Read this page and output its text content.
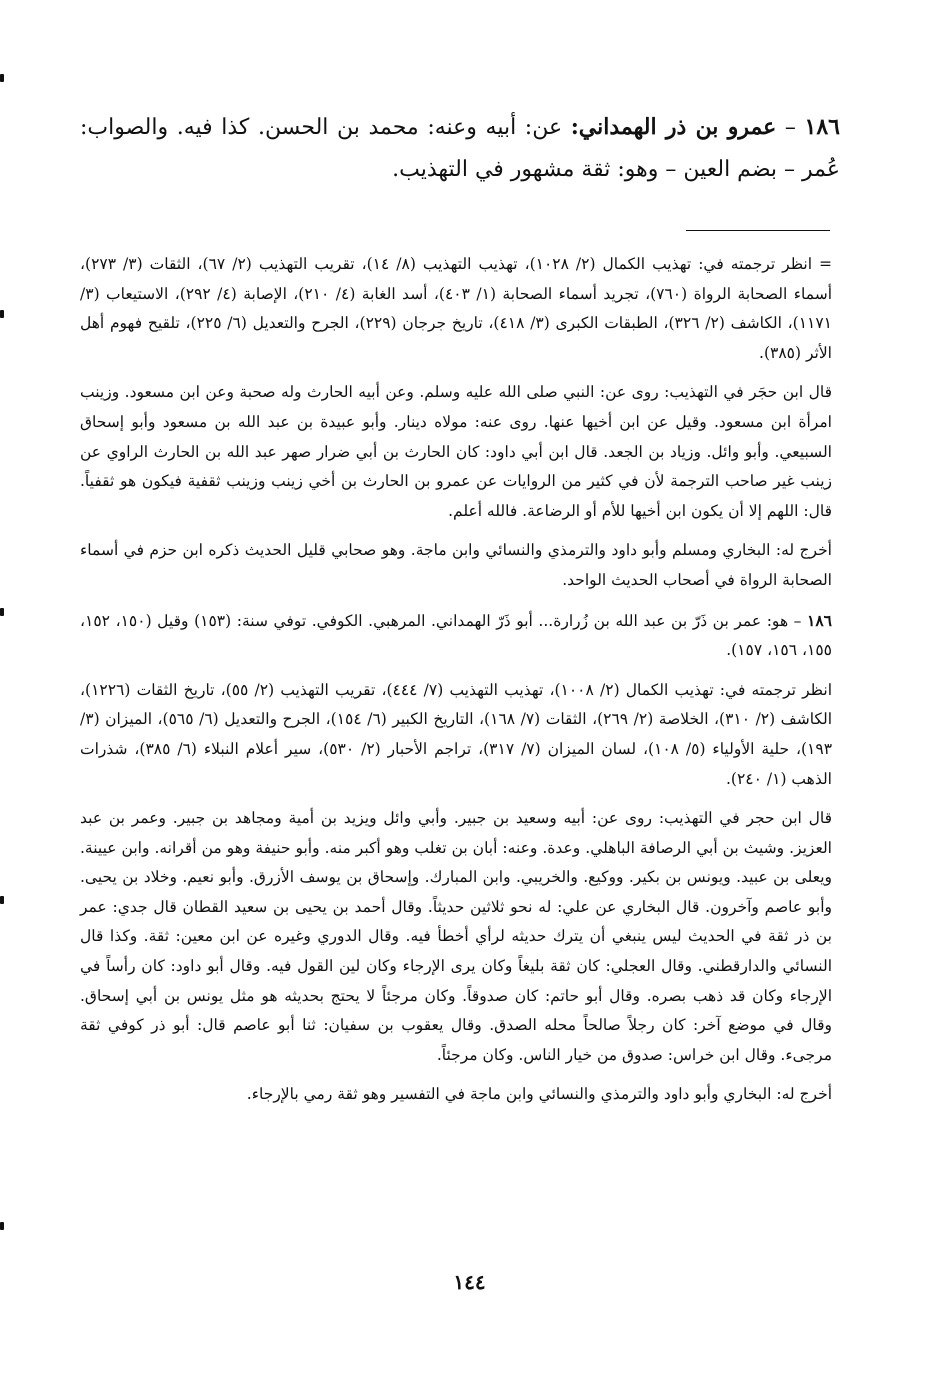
١٨٦ – عمرو بن ذر الهمداني: عن: أبيه وعنه: محمد بن الحسن. كذا فيه. والصواب: عُمر – بضم العين – وهو: ثقة مشهور في التهذيب.

= انظر ترجمته في: تهذيب الكمال (٢/ ١٠٢٨)، تهذيب التهذيب (٨/ ١٤)، تقريب التهذيب (٢/ ٦٧)، الثقات (٣/ ٢٧٣)، أسماء الصحابة الرواة (٧٦٠)، تجريد أسماء الصحابة (١/ ٤٠٣)، أسد الغابة (٤/ ٢١٠)، الإصابة (٤/ ٢٩٢)، الاستيعاب (٣/ ١١٧١)، الكاشف (٢/ ٣٢٦)، الطبقات الكبرى (٣/ ٤١٨)، تاريخ جرجان (٢٢٩)، الجرح والتعديل (٦/ ٢٢٥)، تلقيح فهوم أهل الأثر (٣٨٥).

قال ابن حجَر في التهذيب: روى عن: النبي صلى الله عليه وسلم. وعن أبيه الحارث وله صحبة وعن ابن مسعود. وزينب امرأة ابن مسعود. وقيل عن ابن أخيها عنها. روى عنه: مولاه دينار. وأبو عبيدة بن عبد الله بن مسعود وأبو إسحاق السبيعي. وأبو وائل. وزياد بن الجعد. قال ابن أبي داود: كان الحارث بن أبي ضرار صهر عبد الله بن الحارث الراوي عن زينب غير صاحب الترجمة لأن في كثير من الروايات عن عمرو بن الحارث بن أخي زينب وزينب ثقفية فيكون هو ثقفياً. قال: اللهم إلا أن يكون ابن أخيها للأم أو الرضاعة. فالله أعلم.

أخرج له: البخاري ومسلم وأبو داود والترمذي والنسائي وابن ماجة. وهو صحابي قليل الحديث ذكره ابن حزم في أسماء الصحابة الرواة في أصحاب الحديث الواحد.

١٨٦ – هو: عمر بن ذَرّ بن عبد الله بن زُرارة... أبو ذَرّ الهمداني. المرهبي. الكوفي. توفي سنة: (١٥٣) وقيل (١٥٠، ١٥٢، ١٥٥، ١٥٦، ١٥٧).

انظر ترجمته في: تهذيب الكمال (٢/ ١٠٠٨)، تهذيب التهذيب (٧/ ٤٤٤)، تقريب التهذيب (٢/ ٥٥)، تاريخ الثقات (١٢٢٦)، الكاشف (٢/ ٣١٠)، الخلاصة (٢/ ٢٦٩)، الثقات (٧/ ١٦٨)، التاريخ الكبير (٦/ ١٥٤)، الجرح والتعديل (٦/ ٥٦٥)، الميزان (٣/ ١٩٣)، حلية الأولياء (٥/ ١٠٨)، لسان الميزان (٧/ ٣١٧)، تراجم الأحبار (٢/ ٥٣٠)، سير أعلام النبلاء (٦/ ٣٨٥)، شذرات الذهب (١/ ٢٤٠).

قال ابن حجر في التهذيب: روى عن: أبيه وسعيد بن جبير. وأبي وائل ويزيد بن أمية ومجاهد بن جبير. وعمر بن عبد العزيز. وشيث بن أبي الرصافة الباهلي. وعدة. وعنه: أبان بن تغلب وهو أكبر منه. وأبو حنيفة وهو من أقرانه. وابن عيينة. ويعلى بن عبيد. ويونس بن بكير. ووكيع. والخريبي. وابن المبارك. وإسحاق بن يوسف الأزرق. وأبو نعيم. وخلاد بن يحيى. وأبو عاصم وآخرون. قال البخاري عن علي: له نحو ثلاثين حديثاً. وقال أحمد بن يحيى بن سعيد القطان قال جدي: عمر بن ذر ثقة في الحديث ليس ينبغي أن يترك حديثه لرأي أخطأ فيه. وقال الدوري وغيره عن ابن معين: ثقة. وكذا قال النسائي والدارقطني. وقال العجلي: كان ثقة بليغاً وكان يرى الإرجاء وكان لين القول فيه. وقال أبو داود: كان رأساً في الإرجاء وكان قد ذهب بصره. وقال أبو حاتم: كان صدوقاً. وكان مرجئاً لا يحتج بحديثه هو مثل يونس بن أبي إسحاق. وقال في موضع آخر: كان رجلاً صالحاً محله الصدق. وقال يعقوب بن سفيان: ثنا أبو عاصم قال: أبو ذر كوفي ثقة مرجىء. وقال ابن خراس: صدوق من خيار الناس. وكان مرجئاً.

أخرج له: البخاري وأبو داود والترمذي والنسائي وابن ماجة في التفسير وهو ثقة رمي بالإرجاء.

١٤٤
